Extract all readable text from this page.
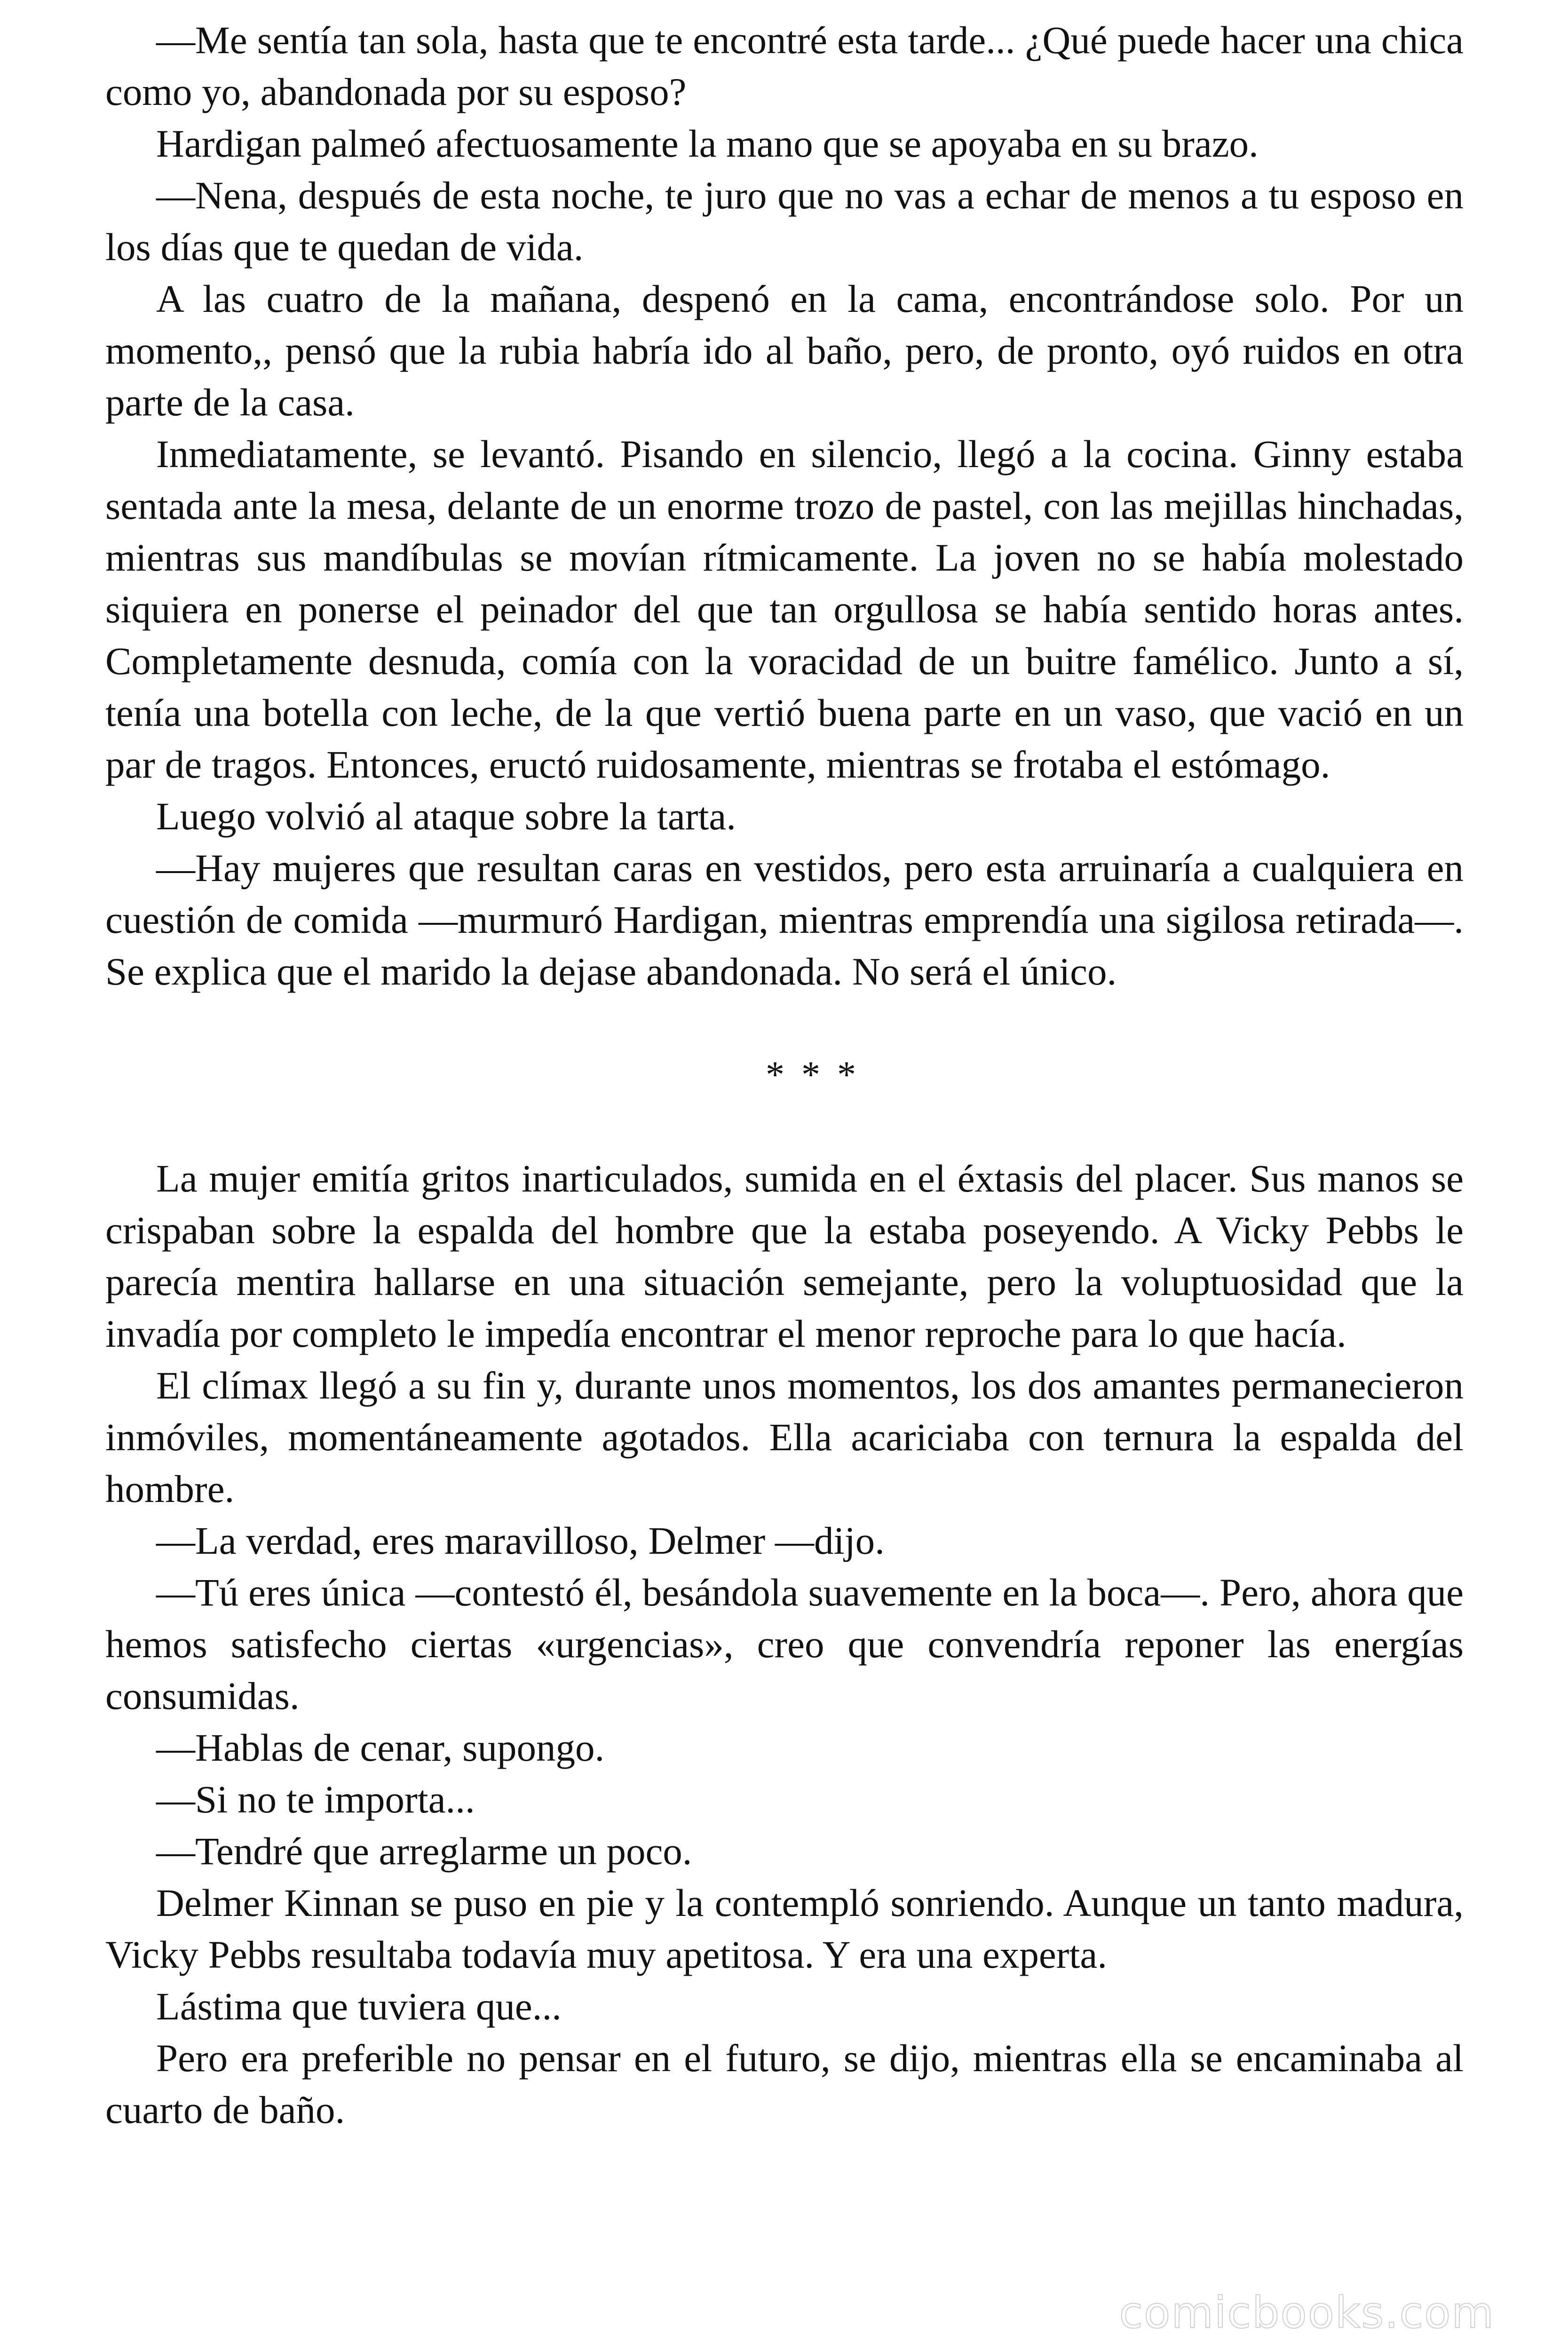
—Me sentía tan sola, hasta que te encontré esta tarde... ¿Qué puede hacer una chica como yo, abandonada por su esposo?

Hardigan palmeó afectuosamente la mano que se apoyaba en su brazo.

—Nena, después de esta noche, te juro que no vas a echar de menos a tu esposo en los días que te quedan de vida.

A las cuatro de la mañana, despenó en la cama, encontrándose solo. Por un momento,, pensó que la rubia habría ido al baño, pero, de pronto, oyó ruidos en otra parte de la casa.

Inmediatamente, se levantó. Pisando en silencio, llegó a la cocina. Ginny estaba sentada ante la mesa, delante de un enorme trozo de pastel, con las mejillas hinchadas, mientras sus mandíbulas se movían rítmicamente. La joven no se había molestado siquiera en ponerse el peinador del que tan orgullosa se había sentido horas antes. Completamente desnuda, comía con la voracidad de un buitre famélico. Junto a sí, tenía una botella con leche, de la que vertió buena parte en un vaso, que vació en un par de tragos. Entonces, eructó ruidosamente, mientras se frotaba el estómago.

Luego volvió al ataque sobre la tarta.

—Hay mujeres que resultan caras en vestidos, pero esta arruinaría a cualquiera en cuestión de comida —murmuró Hardigan, mientras emprendía una sigilosa retirada—. Se explica que el marido la dejase abandonada. No será el único.

* * *

La mujer emitía gritos inarticulados, sumida en el éxtasis del placer. Sus manos se crispaban sobre la espalda del hombre que la estaba poseyendo. A Vicky Pebbs le parecía mentira hallarse en una situación semejante, pero la voluptuosidad que la invadía por completo le impedía encontrar el menor reproche para lo que hacía.

El clímax llegó a su fin y, durante unos momentos, los dos amantes permanecieron inmóviles, momentáneamente agotados. Ella acariciaba con ternura la espalda del hombre.

—La verdad, eres maravilloso, Delmer —dijo.

—Tú eres única —contestó él, besándola suavemente en la boca—. Pero, ahora que hemos satisfecho ciertas «urgencias», creo que convendría reponer las energías consumidas.

—Hablas de cenar, supongo.

—Si no te importa...

—Tendré que arreglarme un poco.

Delmer Kinnan se puso en pie y la contempló sonriendo. Aunque un tanto madura, Vicky Pebbs resultaba todavía muy apetitosa. Y era una experta.

Lástima que tuviera que...

Pero era preferible no pensar en el futuro, se dijo, mientras ella se encaminaba al cuarto de baño.

comicbooks.com
